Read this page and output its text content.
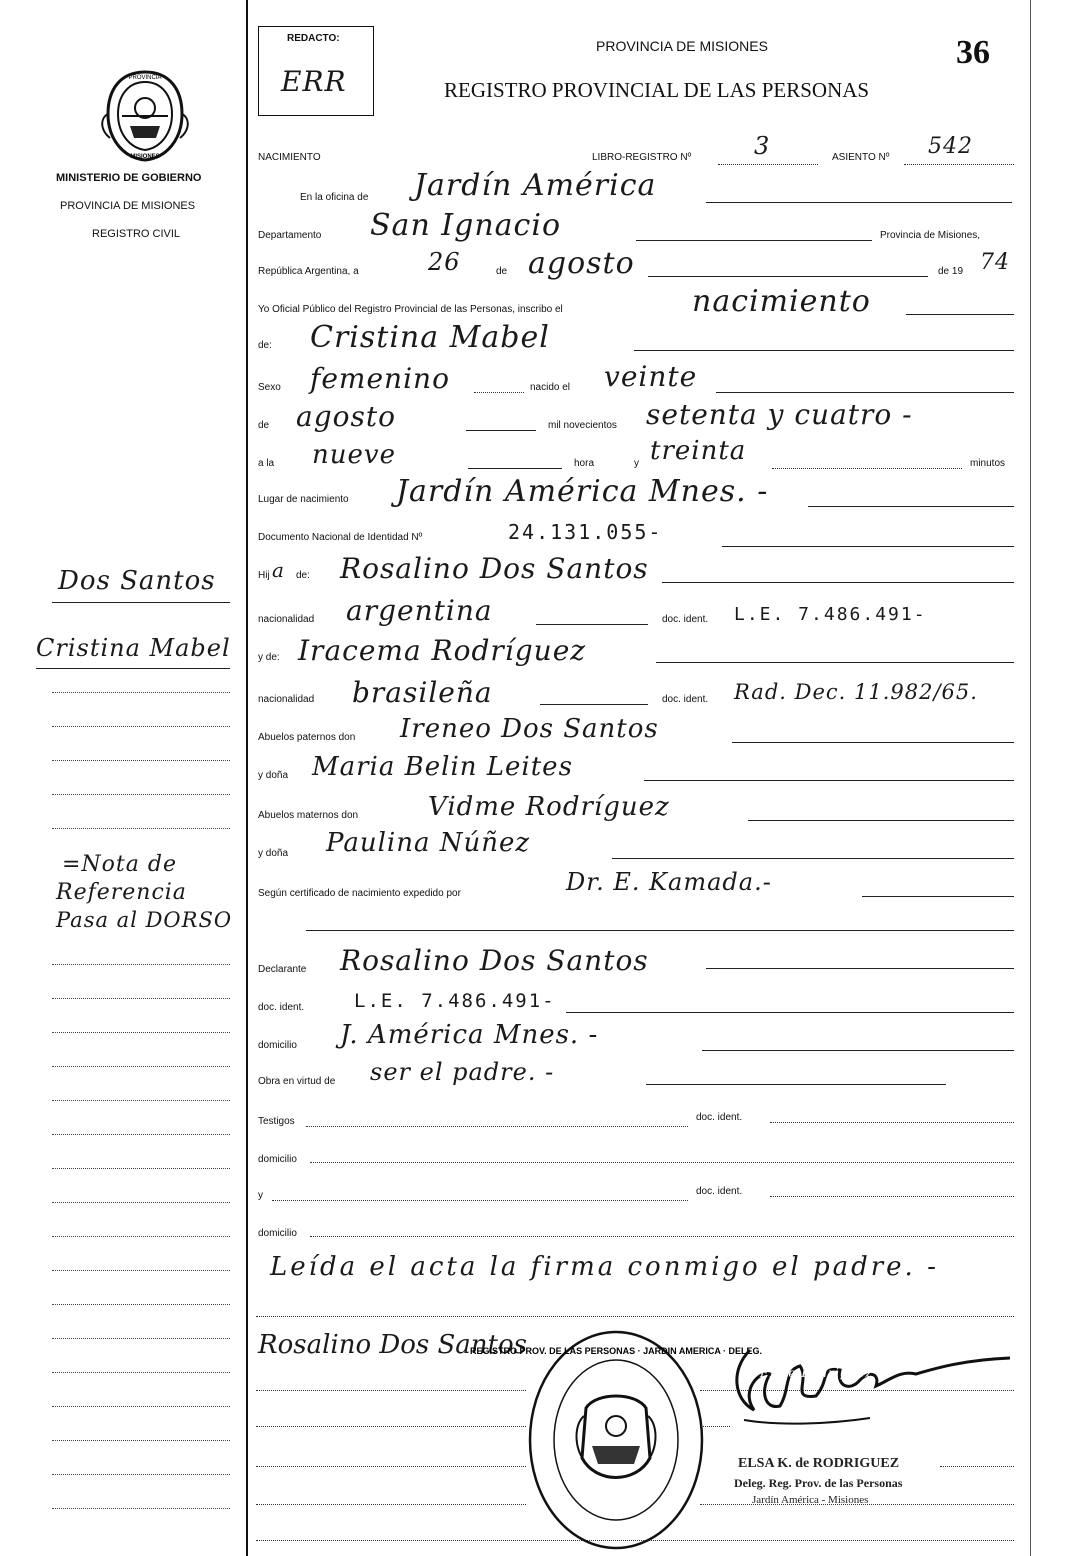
PROVINCIA
MISIONES
MINISTERIO DE GOBIERNO
PROVINCIA DE MISIONES
REGISTRO CIVIL
REDACTO:
ERR
PROVINCIA DE MISIONES
REGISTRO PROVINCIAL DE LAS PERSONAS
36
Dos Santos
Cristina Mabel
=Nota de
Referencia
Pasa al DORSO
NACIMIENTO	LIBRO-REGISTRO Nº	3	ASIENTO Nº 542
En la oficina de Jardín América
Departamento San Ignacio	Provincia de Misiones,
República Argentina, a	26	de agosto	de 19 74
Yo Oficial Público del Registro Provincial de las Personas, inscribo el	nacimiento
de: Cristina Mabel
Sexo femenino	nacido el veinte
de agosto	mil novecientos setenta y cuatro -
a la nueve	hora	y treinta	minutos
Lugar de nacimiento Jardín América Mnes. -
Documento Nacional de Identidad Nº	24.131.055-
Hij a de: Rosalino Dos Santos
nacionalidad argentina	doc. ident. L.E. 7.486.491-
y de: Iracema Rodríguez
nacionalidad brasileña	doc. ident. Rad. Dec. 11.982/65.
Abuelos paternos don Ireneo Dos Santos
y doña Maria Belin Leites
Abuelos maternos don	Vidme Rodríguez
y doña Paulina Núñez
Según certificado de nacimiento expedido por	Dr. E. Kamada.-
Declarante Rosalino Dos Santos
doc. ident.	L.E. 7.486.491-
domicilio J. América Mnes. -
Obra en virtud de ser el padre. -
Testigos	doc. ident.
domicilio
y	doc. ident.
domicilio
Leída el acta la firma conmigo el padre. -
Rosalino Dos Santos
REGISTRO PROV. DE LAS PERSONAS · JARDIN AMERICA · DELEG.
EKde Rodriguez
ELSA K. de RODRIGUEZ
Deleg. Reg. Prov. de las Personas
Jardín América - Misiones
